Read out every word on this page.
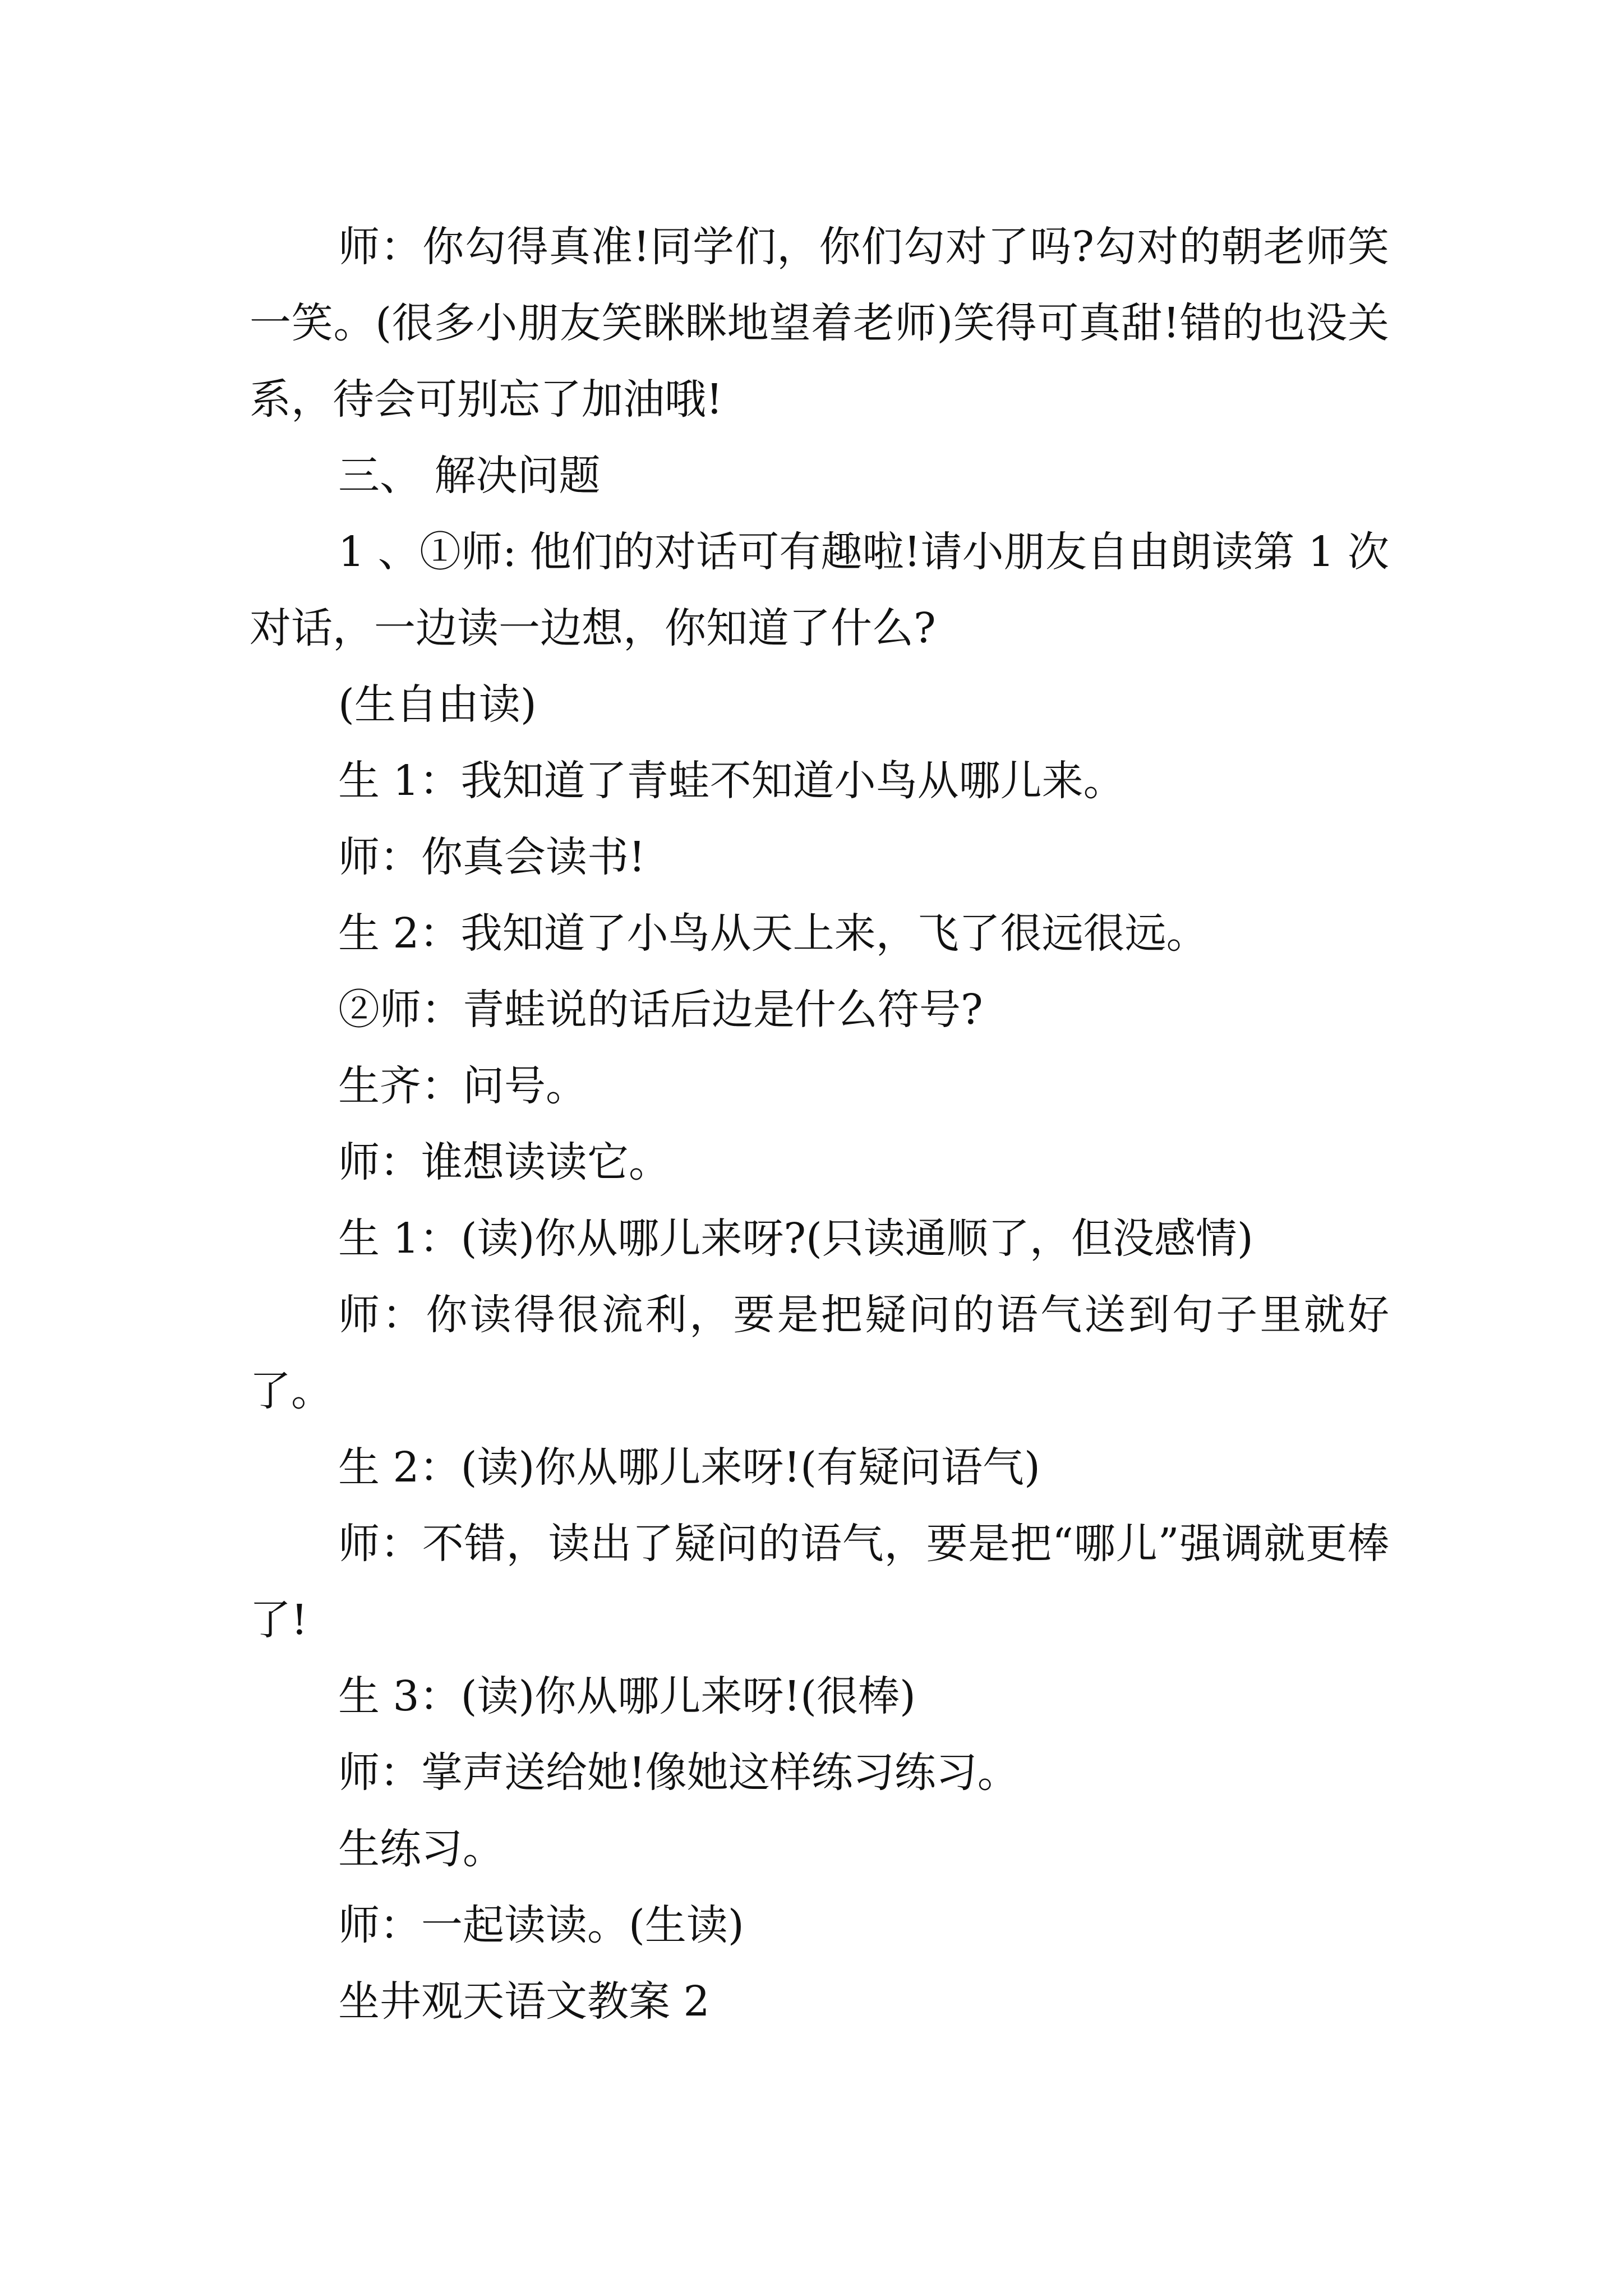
师：你勾得真准!同学们，你们勾对了吗?勾对的朝老师笑一笑。(很多小朋友笑眯眯地望着老师)笑得可真甜!错的也没关系，待会可别忘了加油哦!

三、 解决问题

1 、①师: 他们的对话可有趣啦!请小朋友自由朗读第 1 次对话，一边读一边想，你知道了什么?

(生自由读)

生 1：我知道了青蛙不知道小鸟从哪儿来。

师：你真会读书!

生 2：我知道了小鸟从天上来，飞了很远很远。

②师：青蛙说的话后边是什么符号?

生齐：问号。

师：谁想读读它。

生 1：(读)你从哪儿来呀?(只读通顺了，但没感情)

师：你读得很流利，要是把疑问的语气送到句子里就好了。

生 2：(读)你从哪儿来呀!(有疑问语气)

师：不错，读出了疑问的语气，要是把“哪儿”强调就更棒了!

生 3：(读)你从哪儿来呀!(很棒)

师：掌声送给她!像她这样练习练习。

生练习。

师：一起读读。(生读)

坐井观天语文教案 2
